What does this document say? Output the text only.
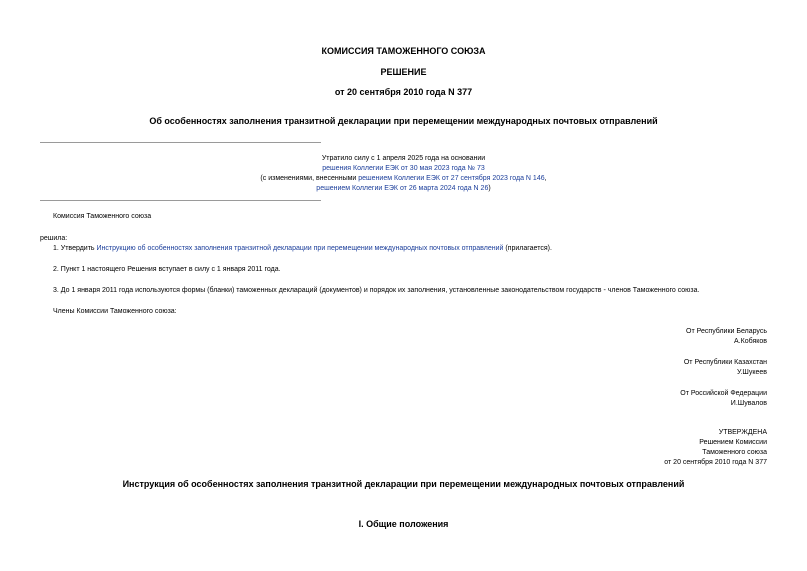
КОМИССИЯ ТАМОЖЕННОГО СОЮЗА
РЕШЕНИЕ
от 20 сентября 2010 года N 377
Об особенностях заполнения транзитной декларации при перемещении международных почтовых отправлений
Утратило силу с 1 апреля 2025 года на основании
решения Коллегии ЕЭК от 30 мая 2023 года № 73
(с изменениями, внесенными решением Коллегии ЕЭК от 27 сентября 2023 года N 146,
решением Коллегии ЕЭК от 26 марта 2024 года N 26)
Комиссия Таможенного союза
решила:
1. Утвердить Инструкцию об особенностях заполнения транзитной декларации при перемещении международных почтовых отправлений (прилагается).
2. Пункт 1 настоящего Решения вступает в силу с 1 января 2011 года.
3. До 1 января 2011 года используются формы (бланки) таможенных деклараций (документов) и порядок их заполнения, установленные законодательством государств - членов Таможенного союза.
Члены Комиссии Таможенного союза:
От Республики Беларусь
А.Кобяков
От Республики Казахстан
У.Шукеев
От Российской Федерации
И.Шувалов
УТВЕРЖДЕНА
Решением Комиссии
Таможенного союза
от 20 сентября 2010 года N 377
Инструкция об особенностях заполнения транзитной декларации при перемещении международных почтовых отправлений
I. Общие положения
